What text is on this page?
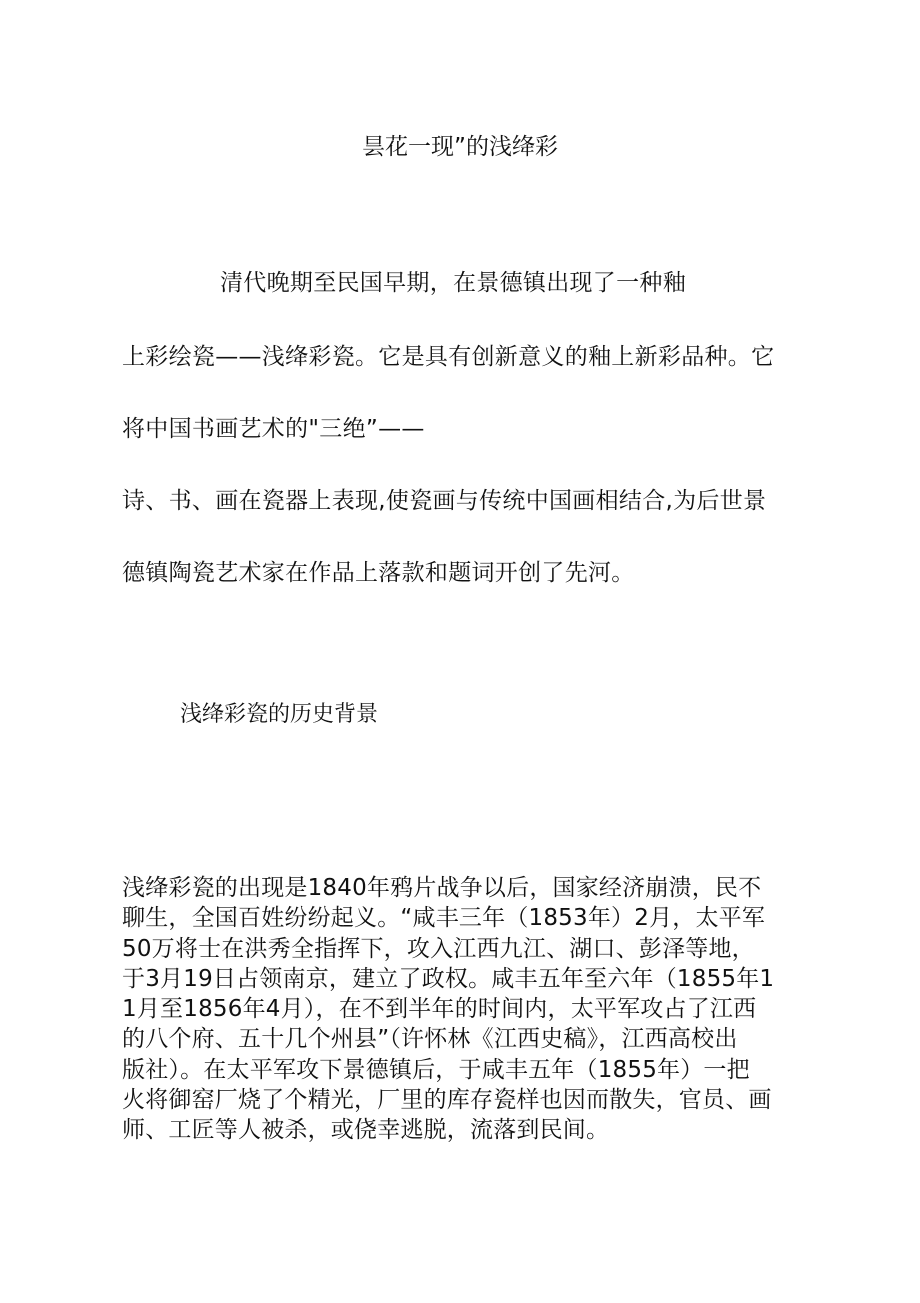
昙花一现”的浅绛彩
清代晚期至民国早期，在景德镇出现了一种釉
上彩绘瓷——浅绛彩瓷。它是具有创新意义的釉上新彩品种。它
将中国书画艺术的"三绝”——
诗、书、画在瓷器上表现,使瓷画与传统中国画相结合,为后世景
德镇陶瓷艺术家在作品上落款和题词开创了先河。
浅绛彩瓷的历史背景
浅绛彩瓷的出现是1840年鸦片战争以后，国家经济崩溃，民不
聊生，全国百姓纷纷起义。“咸丰三年（1853年）2月，太平军
50万将士在洪秀全指挥下，攻入江西九江、湖口、彭泽等地，
于3月19日占领南京，建立了政权。咸丰五年至六年（1855年1
1月至1856年4月），在不到半年的时间内，太平军攻占了江西
的八个府、五十几个州县”（许怀林《江西史稿》，江西高校出
版社）。在太平军攻下景德镇后，于咸丰五年（1855年）一把
火将御窑厂烧了个精光，厂里的库存瓷样也因而散失，官员、画
师、工匠等人被杀，或侥幸逃脱，流落到民间。
